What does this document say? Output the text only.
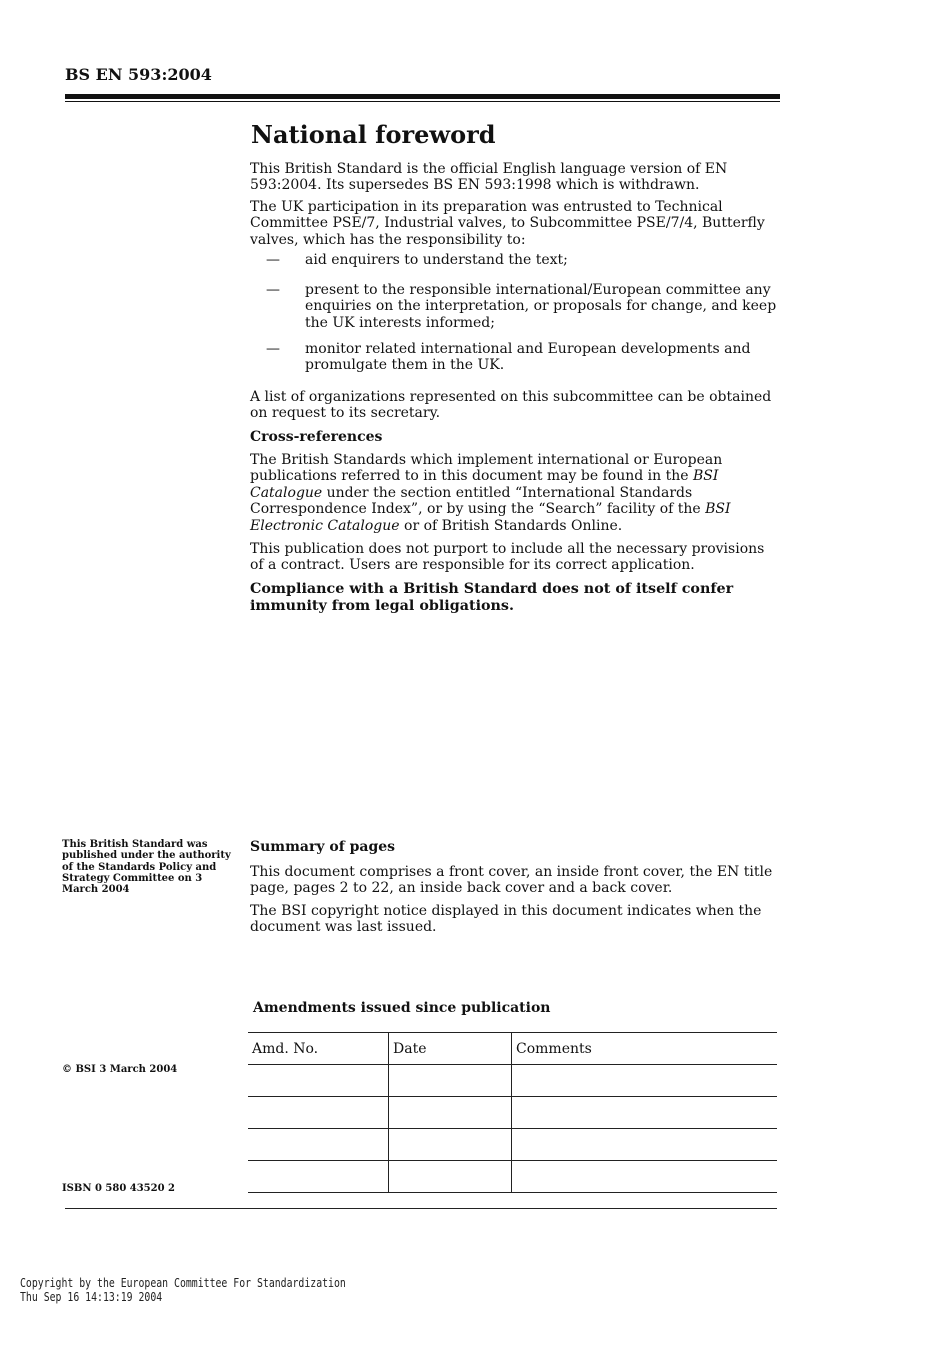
BS EN 593:2004
National foreword

This British Standard is the official English language version of EN 593:2004. Its supersedes BS EN 593:1998 which is withdrawn.

The UK participation in its preparation was entrusted to Technical Committee PSE/7, Industrial valves, to Subcommittee PSE/7/4, Butterfly valves, which has the responsibility to:

— aid enquirers to understand the text;
— present to the responsible international/European committee any enquiries on the interpretation, or proposals for change, and keep the UK interests informed;
— monitor related international and European developments and promulgate them in the UK.

A list of organizations represented on this subcommittee can be obtained on request to its secretary.

Cross-references

The British Standards which implement international or European publications referred to in this document may be found in the BSI Catalogue under the section entitled “International Standards Correspondence Index”, or by using the “Search” facility of the BSI Electronic Catalogue or of British Standards Online.

This publication does not purport to include all the necessary provisions of a contract. Users are responsible for its correct application.

Compliance with a British Standard does not of itself confer immunity from legal obligations.

This British Standard was published under the authority of the Standards Policy and Strategy Committee on 3 March 2004
Summary of pages

This document comprises a front cover, an inside front cover, the EN title page, pages 2 to 22, an inside back cover and a back cover.

The BSI copyright notice displayed in this document indicates when the document was last issued.

Amendments issued since publication
Amd. No.	Date	Comments

© BSI 3 March 2004
ISBN 0 580 43520 2
Copyright by the European Committee For Standardization
Thu Sep 16 14:13:19 2004
